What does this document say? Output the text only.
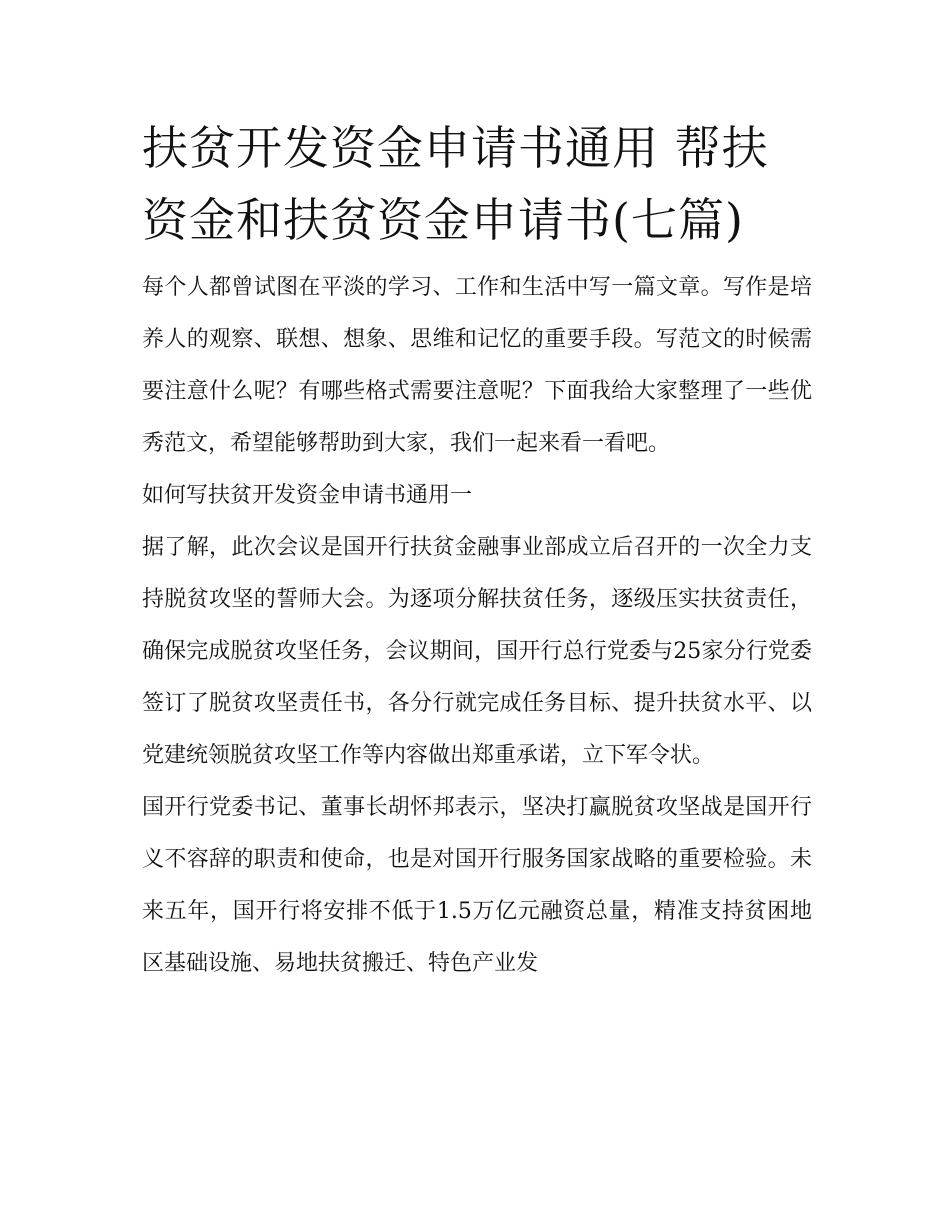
扶贫开发资金申请书通用 帮扶资金和扶贫资金申请书(七篇)

每个人都曾试图在平淡的学习、工作和生活中写一篇文章。写作是培养人的观察、联想、想象、思维和记忆的重要手段。写范文的时候需要注意什么呢？有哪些格式需要注意呢？下面我给大家整理了一些优秀范文，希望能够帮助到大家，我们一起来看一看吧。

如何写扶贫开发资金申请书通用一

据了解，此次会议是国开行扶贫金融事业部成立后召开的一次全力支持脱贫攻坚的誓师大会。为逐项分解扶贫任务，逐级压实扶贫责任，确保完成脱贫攻坚任务，会议期间，国开行总行党委与25家分行党委签订了脱贫攻坚责任书，各分行就完成任务目标、提升扶贫水平、以党建统领脱贫攻坚工作等内容做出郑重承诺，立下军令状。

国开行党委书记、董事长胡怀邦表示，坚决打赢脱贫攻坚战是国开行义不容辞的职责和使命，也是对国开行服务国家战略的重要检验。未来五年，国开行将安排不低于1.5万亿元融资总量，精准支持贫困地区基础设施、易地扶贫搬迁、特色产业发
